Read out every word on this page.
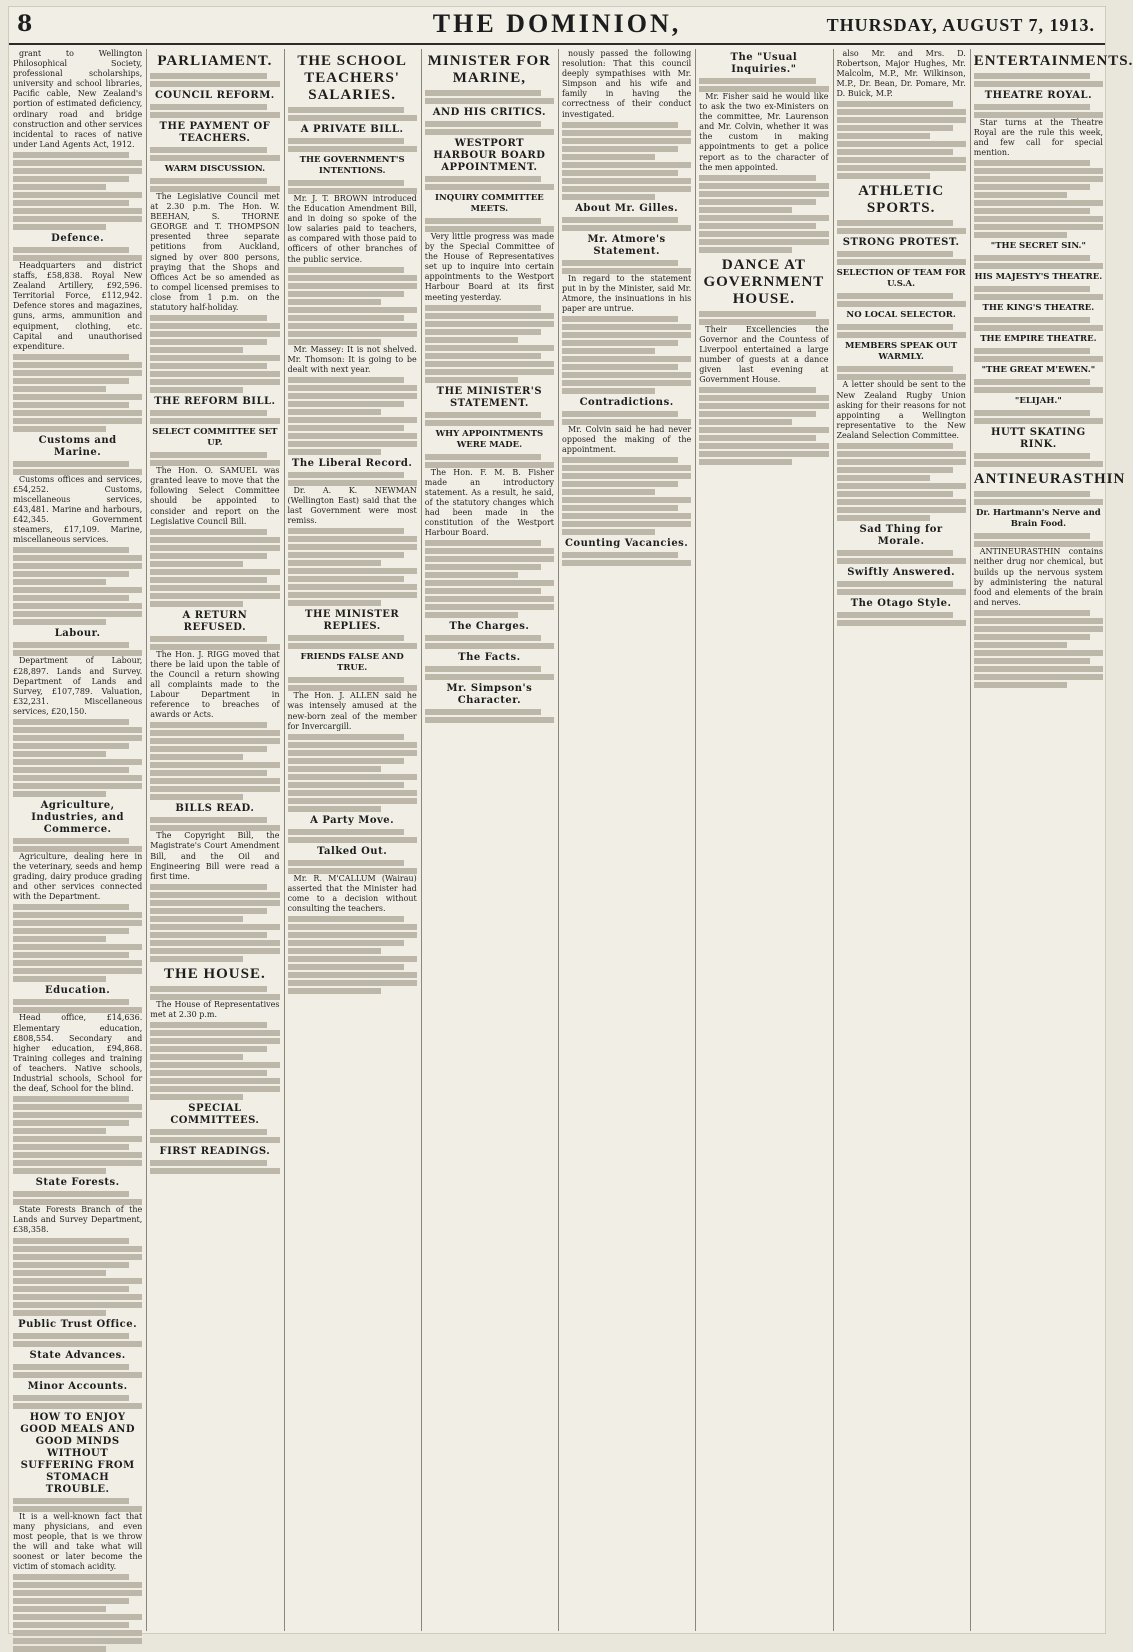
8	THE DOMINION,	THURSDAY, AUGUST 7, 1913.

grant to Wellington Philosophical Society, professional scholarships, university and school libraries, Pacific cable, New Zealand's portion of estimated deficiency, ordinary road and bridge construction and other services incidental to races of native under Land Agents Act, 1912.

Defence.

Headquarters and district staffs, £58,838. Royal New Zealand Artillery, £92,596. Territorial Force, £112,942. Defence stores and magazines, guns, arms, ammunition and equipment, clothing, etc. Capital and unauthorised expenditure.

Customs and Marine.

Customs offices and services, £54,252. Customs, miscellaneous services, £43,481. Marine and harbours, £42,345. Government steamers, £17,109. Marine, miscellaneous services.

Labour.

Department of Labour, £28,897. Lands and Survey. Department of Lands and Survey, £107,789. Valuation, £32,231. Miscellaneous services, £20,150.

Agriculture, Industries, and Commerce.

Agriculture, dealing here in the veterinary, seeds and hemp grading, dairy produce grading and other services connected with the Department.

Education.

Head office, £14,636. Elementary education, £808,554. Secondary and higher education, £94,868. Training colleges and training of teachers. Native schools, Industrial schools, School for the deaf, School for the blind.

State Forests.

State Forests Branch of the Lands and Survey Department, £38,358.

Public Trust Office.
State Advances.
Minor Accounts.
HOW TO ENJOY GOOD MEALS AND GOOD MINDS WITHOUT SUFFERING FROM STOMACH TROUBLE.

It is a well-known fact that many physicians, and even most people, that is we throw the will and take what will soonest or later become the victim of stomach acidity.

PARLIAMENT.
COUNCIL REFORM.
THE PAYMENT OF TEACHERS.
WARM DISCUSSION.

The Legislative Council met at 2.30 p.m. The Hon. W. BEEHAN, S. THORNE GEORGE and T. THOMPSON presented three separate petitions from Auckland, signed by over 800 persons, praying that the Shops and Offices Act be so amended as to compel licensed premises to close from 1 p.m. on the statutory half-holiday.

THE REFORM BILL.
SELECT COMMITTEE SET UP.

The Hon. O. SAMUEL was granted leave to move that the following Select Committee should be appointed to consider and report on the Legislative Council Bill.

A RETURN REFUSED.

The Hon. J. RIGG moved that there be laid upon the table of the Council a return showing all complaints made to the Labour Department in reference to breaches of awards or Acts.

BILLS READ.

The Copyright Bill, the Magistrate's Court Amendment Bill, and the Oil and Engineering Bill were read a first time.

THE HOUSE.

The House of Representatives met at 2.30 p.m.

SPECIAL COMMITTEES.
FIRST READINGS.
THE SCHOOL TEACHERS' SALARIES.
A PRIVATE BILL.
THE GOVERNMENT'S INTENTIONS.

Mr. J. T. BROWN introduced the Education Amendment Bill, and in doing so spoke of the low salaries paid to teachers, as compared with those paid to officers of other branches of the public service.

Mr. Massey: It is not shelved. Mr. Thomson: It is going to be dealt with next year.

The Liberal Record.

Dr. A. K. NEWMAN (Wellington East) said that the last Government were most remiss.

THE MINISTER REPLIES.
FRIENDS FALSE AND TRUE.

The Hon. J. ALLEN said he was intensely amused at the new-born zeal of the member for Invercargill.

A Party Move.
Talked Out.

Mr. R. M'CALLUM (Wairau) asserted that the Minister had come to a decision without consulting the teachers.

MINISTER FOR MARINE,
AND HIS CRITICS.
WESTPORT HARBOUR BOARD APPOINTMENT.
INQUIRY COMMITTEE MEETS.

Very little progress was made by the Special Committee of the House of Representatives set up to inquire into certain appointments to the Westport Harbour Board at its first meeting yesterday.

THE MINISTER'S STATEMENT.
WHY APPOINTMENTS WERE MADE.

The Hon. F. M. B. Fisher made an introductory statement. As a result, he said, of the statutory changes which had been made in the constitution of the Westport Harbour Board.

The Charges.
The Facts.
Mr. Simpson's Character.

nously passed the following resolution: That this council deeply sympathises with Mr. Simpson and his wife and family in having the correctness of their conduct investigated.

About Mr. Gilles.
Mr. Atmore's Statement.

In regard to the statement put in by the Minister, said Mr. Atmore, the insinuations in his paper are untrue.

Contradictions.

Mr. Colvin said he had never opposed the making of the appointment.

Counting Vacancies.
The "Usual Inquiries."

Mr. Fisher said he would like to ask the two ex-Ministers on the committee, Mr. Laurenson and Mr. Colvin, whether it was the custom in making appointments to get a police report as to the character of the men appointed.

DANCE AT GOVERNMENT HOUSE.

Their Excellencies the Governor and the Countess of Liverpool entertained a large number of guests at a dance given last evening at Government House.

also Mr. and Mrs. D. Robertson, Major Hughes, Mr. Malcolm, M.P., Mr. Wilkinson, M.P., Dr. Bean, Dr. Pomare, Mr. D. Buick, M.P.

ATHLETIC SPORTS.
STRONG PROTEST.
SELECTION OF TEAM FOR U.S.A.
NO LOCAL SELECTOR.
MEMBERS SPEAK OUT WARMLY.

A letter should be sent to the New Zealand Rugby Union asking for their reasons for not appointing a Wellington representative to the New Zealand Selection Committee.

Sad Thing for Morale.
Swiftly Answered.
The Otago Style.
ENTERTAINMENTS.
THEATRE ROYAL.

Star turns at the Theatre Royal are the rule this week, and few call for special mention.

"THE SECRET SIN."
HIS MAJESTY'S THEATRE.
THE KING'S THEATRE.
THE EMPIRE THEATRE.
"THE GREAT M'EWEN."
"ELIJAH."
HUTT SKATING RINK.
ANTINEURASTHIN
Dr. Hartmann's Nerve and Brain Food.

ANTINEURASTHIN contains neither drug nor chemical, but builds up the nervous system by administering the natural food and elements of the brain and nerves.
